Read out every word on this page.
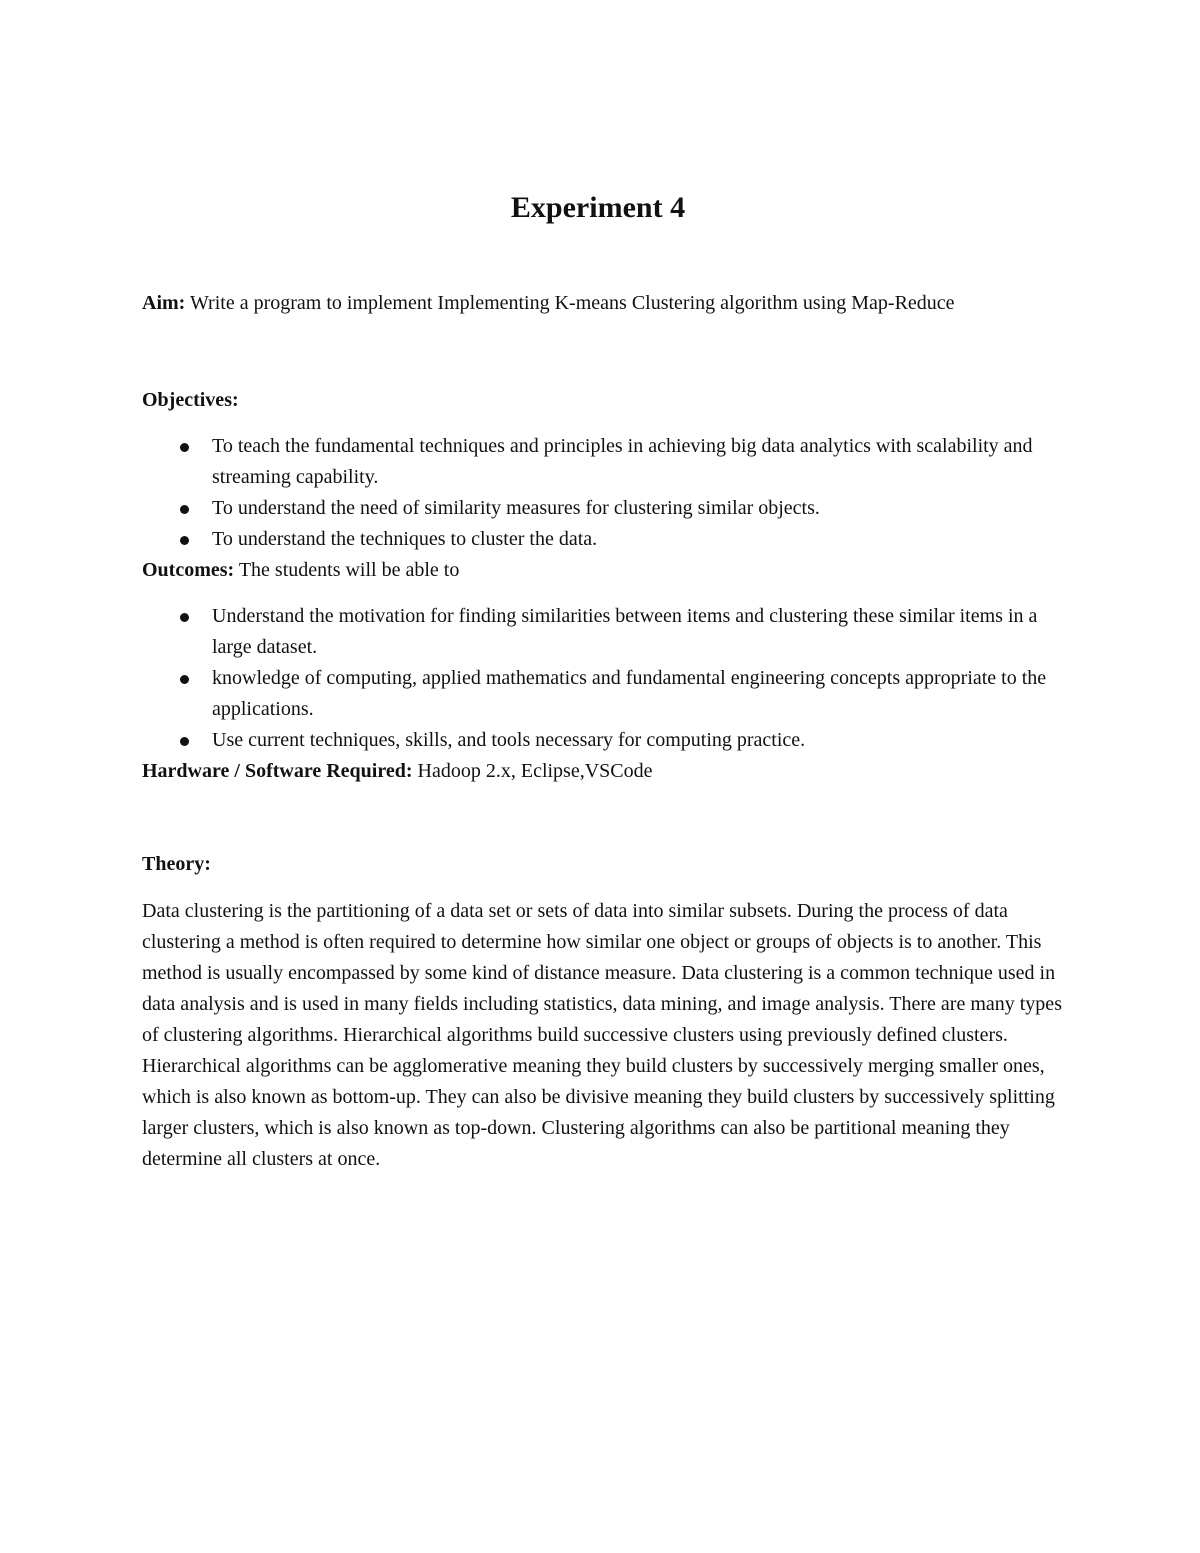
Experiment 4

Aim: Write a program to implement Implementing K-means Clustering algorithm using Map-Reduce

Objectives:

To teach the fundamental techniques and principles in achieving big data analytics with scalability and streaming capability.
To understand the need of similarity measures for clustering similar objects.
To understand the techniques to cluster the data.

Outcomes: The students will be able to

Understand the motivation for finding similarities between items and clustering these similar items in a large dataset.
knowledge of computing, applied mathematics and fundamental engineering concepts appropriate to the applications.
Use current techniques, skills, and tools necessary for computing practice.

Hardware / Software Required: Hadoop 2.x, Eclipse,VSCode

Theory:

Data clustering is the partitioning of a data set or sets of data into similar subsets. During the process of data clustering a method is often required to determine how similar one object or groups of objects is to another. This method is usually encompassed by some kind of distance measure. Data clustering is a common technique used in data analysis and is used in many fields including statistics, data mining, and image analysis. There are many types of clustering algorithms. Hierarchical algorithms build successive clusters using previously defined clusters. Hierarchical algorithms can be agglomerative meaning they build clusters by successively merging smaller ones, which is also known as bottom-up. They can also be divisive meaning they build clusters by successively splitting larger clusters, which is also known as top-down. Clustering algorithms can also be partitional meaning they determine all clusters at once.
